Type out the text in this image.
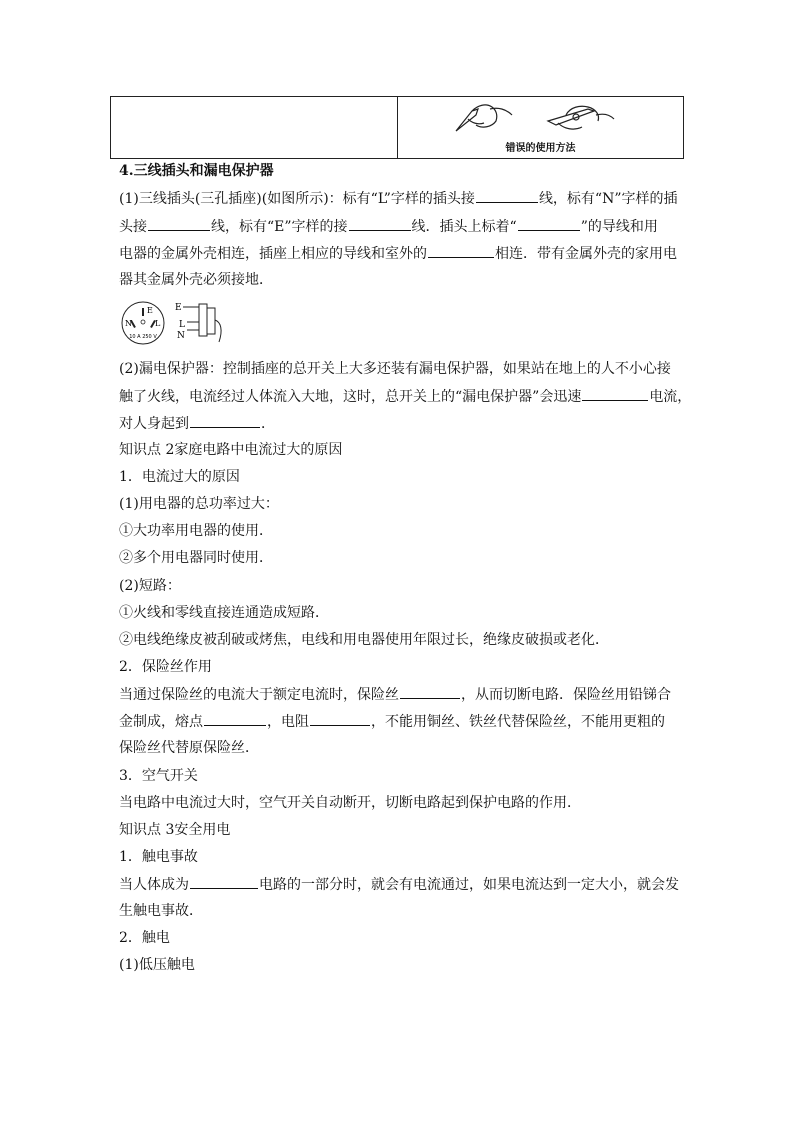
错误的使用方法
4.三线插头和漏电保护器
(1)三线插头(三孔插座)(如图所示)：标有“L”字样的插头接	线，标有“N”字样的插
头接	线，标有“E”字样的接	线．插头上标着“	”的导线和用
电器的金属外壳相连，插座上相应的导线和室外的	相连．带有金属外壳的家用电
器其金属外壳必须接地．
E
N	L
10 A 250 V
E
L
N
(2)漏电保护器：控制插座的总开关上大多还装有漏电保护器，如果站在地上的人不小心接
触了火线，电流经过人体流入大地，这时，总开关上的“漏电保护器”会迅速	电流，
对人身起到	．
知识点 2家庭电路中电流过大的原因
1．电流过大的原因
(1)用电器的总功率过大：
①大功率用电器的使用．
②多个用电器同时使用．
(2)短路：
①火线和零线直接连通造成短路．
②电线绝缘皮被刮破或烤焦，电线和用电器使用年限过长，绝缘皮破损或老化．
2．保险丝作用
当通过保险丝的电流大于额定电流时，保险丝	，从而切断电路．保险丝用铅锑合
金制成，熔点	，电阻	，不能用铜丝、铁丝代替保险丝，不能用更粗的
保险丝代替原保险丝．
3．空气开关
当电路中电流过大时，空气开关自动断开，切断电路起到保护电路的作用．
知识点 3安全用电
1．触电事故
当人体成为	电路的一部分时，就会有电流通过，如果电流达到一定大小，就会发
生触电事故．
2．触电
(1)低压触电
